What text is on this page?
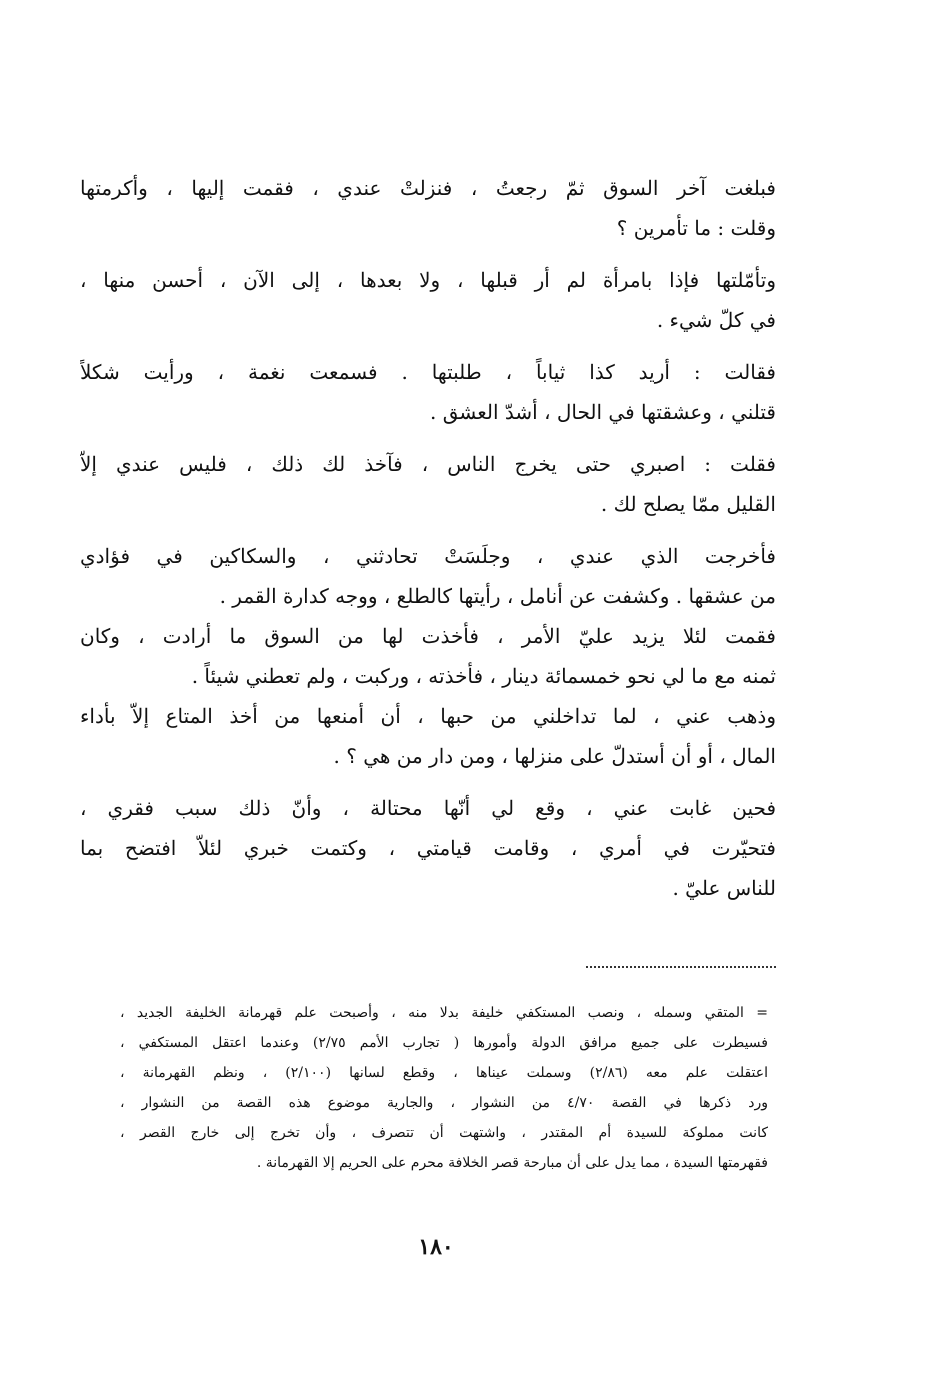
فبلغت آخر السوق ثمّ رجعتُ ، فنزلتْ عندي ، فقمت إليها ، وأكرمتها
وقلت : ما تأمرين ؟
وتأمّلتها فإذا بامرأة لم أر قبلها ، ولا بعدها ، إلى الآن ، أحسن منها ،
في كلّ شيء .
فقالت : أريد كذا ثياباً ، طلبتها . فسمعت نغمة ، ورأيت شكلاً
قتلني ، وعشقتها في الحال ، أشدّ العشق .
فقلت : اصبري حتى يخرج الناس ، فآخذ لك ذلك ، فليس عندي إلاّ
القليل ممّا يصلح لك .
فأخرجت الذي عندي ، وجلَسَتْ تحادثني ، والسكاكين في فؤادي
من عشقها . وكشفت عن أنامل ، رأيتها كالطلع ، ووجه كدارة القمر .
فقمت لئلا يزيد عليّ الأمر ، فأخذت لها من السوق ما أرادت ، وكان
ثمنه مع ما لي نحو خمسمائة دينار ، فأخذته ، وركبت ، ولم تعطني شيئاً .
وذهب عني ، لما تداخلني من حبها ، أن أمنعها من أخذ المتاع إلاّ بأداء
المال ، أو أن أستدلّ على منزلها ، ومن دار من هي ؟ .
فحين غابت عني ، وقع لي أنّها محتالة ، وأنّ ذلك سبب فقري ،
فتحيّرت في أمري ، وقامت قيامتي ، وكتمت خبري لئلاّ افتضح بما
للناس عليّ .
= المتقي وسمله ، ونصب المستكفي خليفة بدلا منه ، وأصبحت علم قهرمانة الخليفة الجديد ،
فسيطرت على جميع مرافق الدولة وأمورها ( تجارب الأمم ٢/٧٥) وعندما اعتقل المستكفي ،
اعتقلت علم معه (٢/٨٦) وسملت عيناها ، وقطع لسانها (٢/١٠٠) ، ونظم القهرمانة ،
ورد ذكرها في القصة ٤/٧٠ من النشوار ، والجارية موضوع هذه القصة من النشوار ،
كانت مملوكة للسيدة أم المقتدر ، واشتهت أن تتصرف ، وأن تخرج إلى خارج القصر ،
فقهرمتها السيدة ، مما يدل على أن مبارحة قصر الخلافة محرم على الحريم إلا القهرمانة .
١٨٠
